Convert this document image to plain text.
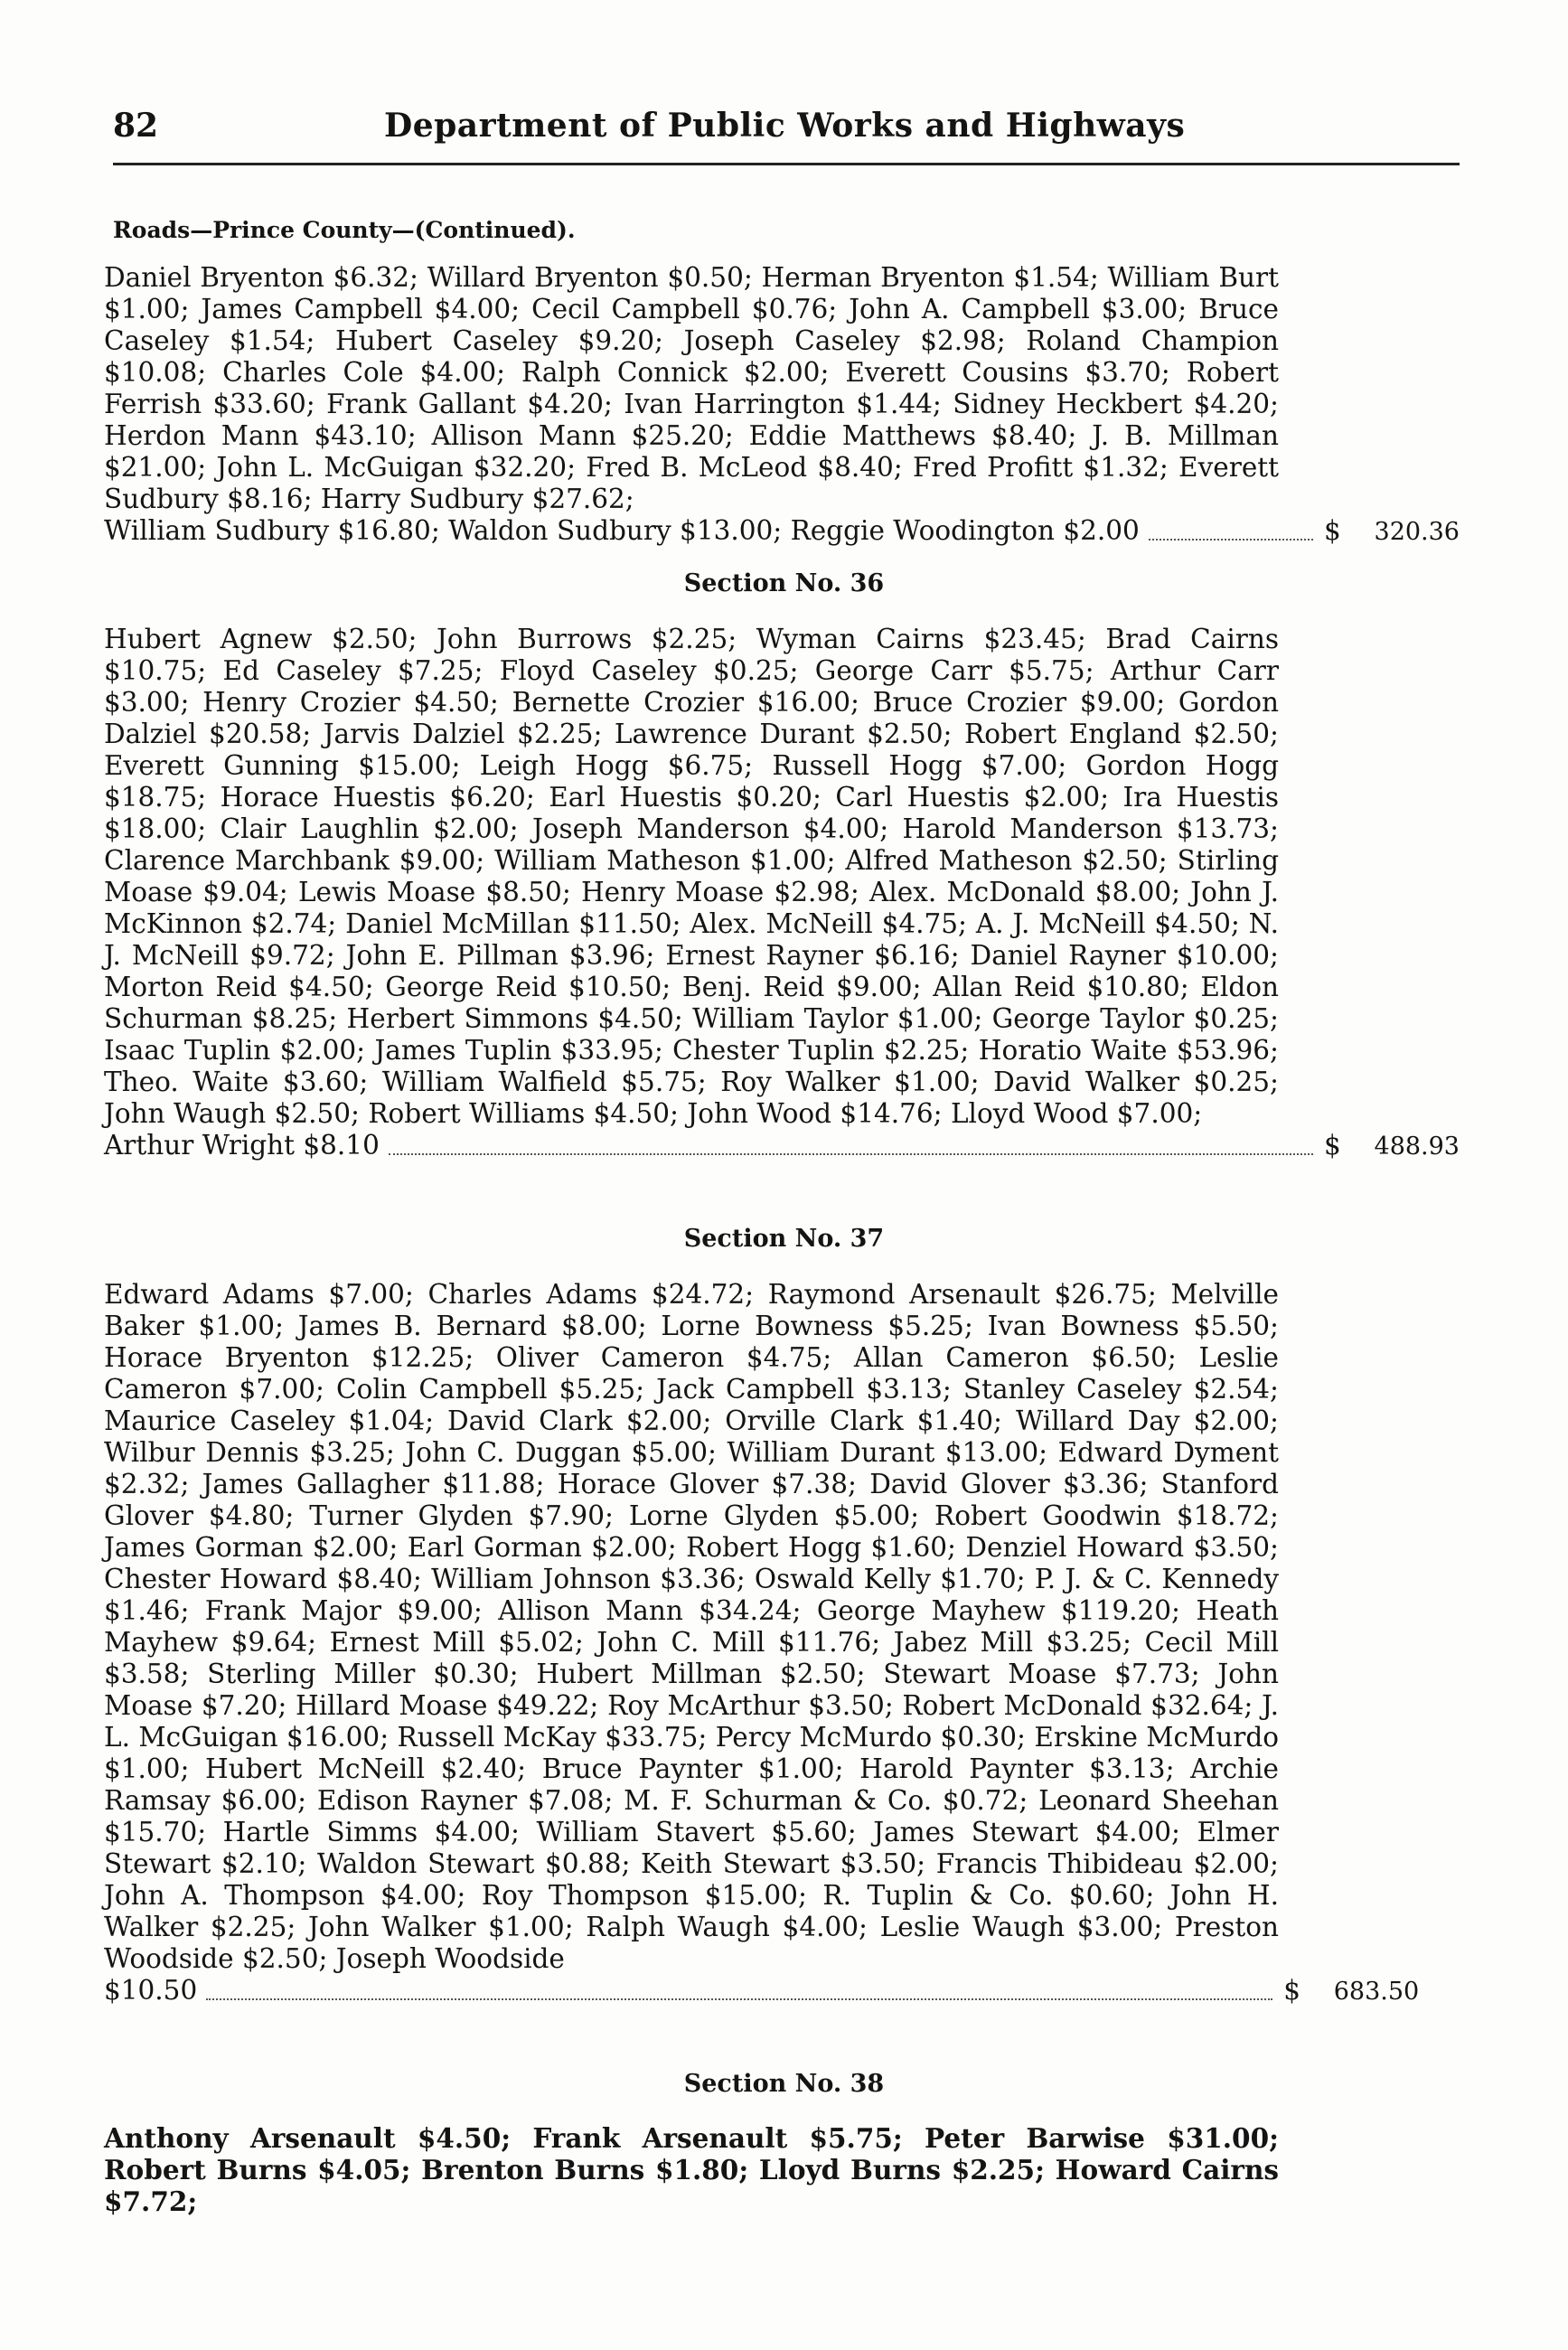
82	Department of Public Works and Highways
Roads—Prince County—(Continued).
Daniel Bryenton $6.32; Willard Bryenton $0.50; Herman Bryenton $1.54; William Burt $1.00; James Campbell $4.00; Cecil Campbell $0.76; John A. Campbell $3.00; Bruce Caseley $1.54; Hubert Caseley $9.20; Joseph Caseley $2.98; Roland Champion $10.08; Charles Cole $4.00; Ralph Connick $2.00; Everett Cousins $3.70; Robert Ferrish $33.60; Frank Gallant $4.20; Ivan Harrington $1.44; Sidney Heckbert $4.20; Herdon Mann $43.10; Allison Mann $25.20; Eddie Matthews $8.40; J. B. Millman $21.00; John L. McGuigan $32.20; Fred B. McLeod $8.40; Fred Profitt $1.32; Everett Sudbury $8.16; Harry Sudbury $27.62;
William Sudbury $16.80; Waldon Sudbury $13.00; Reggie Woodington $2.00	$	320.36
Section No. 36
Hubert Agnew $2.50; John Burrows $2.25; Wyman Cairns $23.45; Brad Cairns $10.75; Ed Caseley $7.25; Floyd Caseley $0.25; George Carr $5.75; Arthur Carr $3.00; Henry Crozier $4.50; Bernette Crozier $16.00; Bruce Crozier $9.00; Gordon Dalziel $20.58; Jarvis Dalziel $2.25; Lawrence Durant $2.50; Robert England $2.50; Everett Gunning $15.00; Leigh Hogg $6.75; Russell Hogg $7.00; Gordon Hogg $18.75; Horace Huestis $6.20; Earl Huestis $0.20; Carl Huestis $2.00; Ira Huestis $18.00; Clair Laughlin $2.00; Joseph Manderson $4.00; Harold Manderson $13.73; Clarence Marchbank $9.00; William Matheson $1.00; Alfred Matheson $2.50; Stirling Moase $9.04; Lewis Moase $8.50; Henry Moase $2.98; Alex. McDonald $8.00; John J. McKinnon $2.74; Daniel McMillan $11.50; Alex. McNeill $4.75; A. J. McNeill $4.50; N. J. McNeill $9.72; John E. Pillman $3.96; Ernest Rayner $6.16; Daniel Rayner $10.00; Morton Reid $4.50; George Reid $10.50; Benj. Reid $9.00; Allan Reid $10.80; Eldon Schurman $8.25; Herbert Simmons $4.50; William Taylor $1.00; George Taylor $0.25; Isaac Tuplin $2.00; James Tuplin $33.95; Chester Tuplin $2.25; Horatio Waite $53.96; Theo. Waite $3.60; William Walfield $5.75; Roy Walker $1.00; David Walker $0.25; John Waugh $2.50; Robert Williams $4.50; John Wood $14.76; Lloyd Wood $7.00;
Arthur Wright $8.10	$	488.93
Section No. 37
Edward Adams $7.00; Charles Adams $24.72; Raymond Arsenault $26.75; Melville Baker $1.00; James B. Bernard $8.00; Lorne Bowness $5.25; Ivan Bowness $5.50; Horace Bryenton $12.25; Oliver Cameron $4.75; Allan Cameron $6.50; Leslie Cameron $7.00; Colin Campbell $5.25; Jack Campbell $3.13; Stanley Caseley $2.54; Maurice Caseley $1.04; David Clark $2.00; Orville Clark $1.40; Willard Day $2.00; Wilbur Dennis $3.25; John C. Duggan $5.00; William Durant $13.00; Edward Dyment $2.32; James Gallagher $11.88; Horace Glover $7.38; David Glover $3.36; Stanford Glover $4.80; Turner Glyden $7.90; Lorne Glyden $5.00; Robert Goodwin $18.72; James Gorman $2.00; Earl Gorman $2.00; Robert Hogg $1.60; Denziel Howard $3.50; Chester Howard $8.40; William Johnson $3.36; Oswald Kelly $1.70; P. J. & C. Kennedy $1.46; Frank Major $9.00; Allison Mann $34.24; George Mayhew $119.20; Heath Mayhew $9.64; Ernest Mill $5.02; John C. Mill $11.76; Jabez Mill $3.25; Cecil Mill $3.58; Sterling Miller $0.30; Hubert Millman $2.50; Stewart Moase $7.73; John Moase $7.20; Hillard Moase $49.22; Roy McArthur $3.50; Robert McDonald $32.64; J. L. McGuigan $16.00; Russell McKay $33.75; Percy McMurdo $0.30; Erskine McMurdo $1.00; Hubert McNeill $2.40; Bruce Paynter $1.00; Harold Paynter $3.13; Archie Ramsay $6.00; Edison Rayner $7.08; M. F. Schurman & Co. $0.72; Leonard Sheehan $15.70; Hartle Simms $4.00; William Stavert $5.60; James Stewart $4.00; Elmer Stewart $2.10; Waldon Stewart $0.88; Keith Stewart $3.50; Francis Thibideau $2.00; John A. Thompson $4.00; Roy Thompson $15.00; R. Tuplin & Co. $0.60; John H. Walker $2.25; John Walker $1.00; Ralph Waugh $4.00; Leslie Waugh $3.00; Preston Woodside $2.50; Joseph Woodside
$10.50	$	683.50
Section No. 38
Anthony Arsenault $4.50; Frank Arsenault $5.75; Peter Barwise $31.00; Robert Burns $4.05; Brenton Burns $1.80; Lloyd Burns $2.25; Howard Cairns $7.72;
